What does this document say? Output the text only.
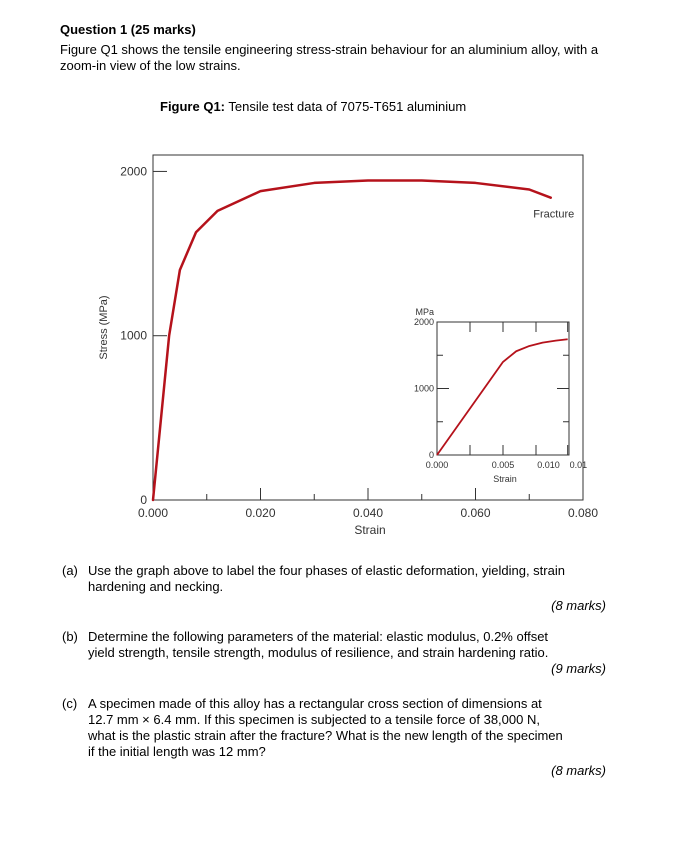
Question 1 (25 marks)
Figure Q1 shows the tensile engineering stress-strain behaviour for an aluminium alloy, with a zoom-in view of the low strains.
Figure Q1: Tensile test data of 7075-T651 aluminium
0.000	0.020	0.040	0.060	0.080
0
1000
2000
Strain
Stress (MPa)
Fracture
0.000	0.005	0.010 0.01
0
1000
2000
MPa
Strain
(a) Use the graph above to label the four phases of elastic deformation, yielding, strain
hardening and necking.
(8 marks)
(b) Determine the following parameters of the material: elastic modulus, 0.2% offset
yield strength, tensile strength, modulus of resilience, and strain hardening ratio.
(9 marks)
(c) A specimen made of this alloy has a rectangular cross section of dimensions at
12.7 mm × 6.4 mm. If this specimen is subjected to a tensile force of 38,000 N,
what is the plastic strain after the fracture? What is the new length of the specimen
if the initial length was 12 mm?
(8 marks)
